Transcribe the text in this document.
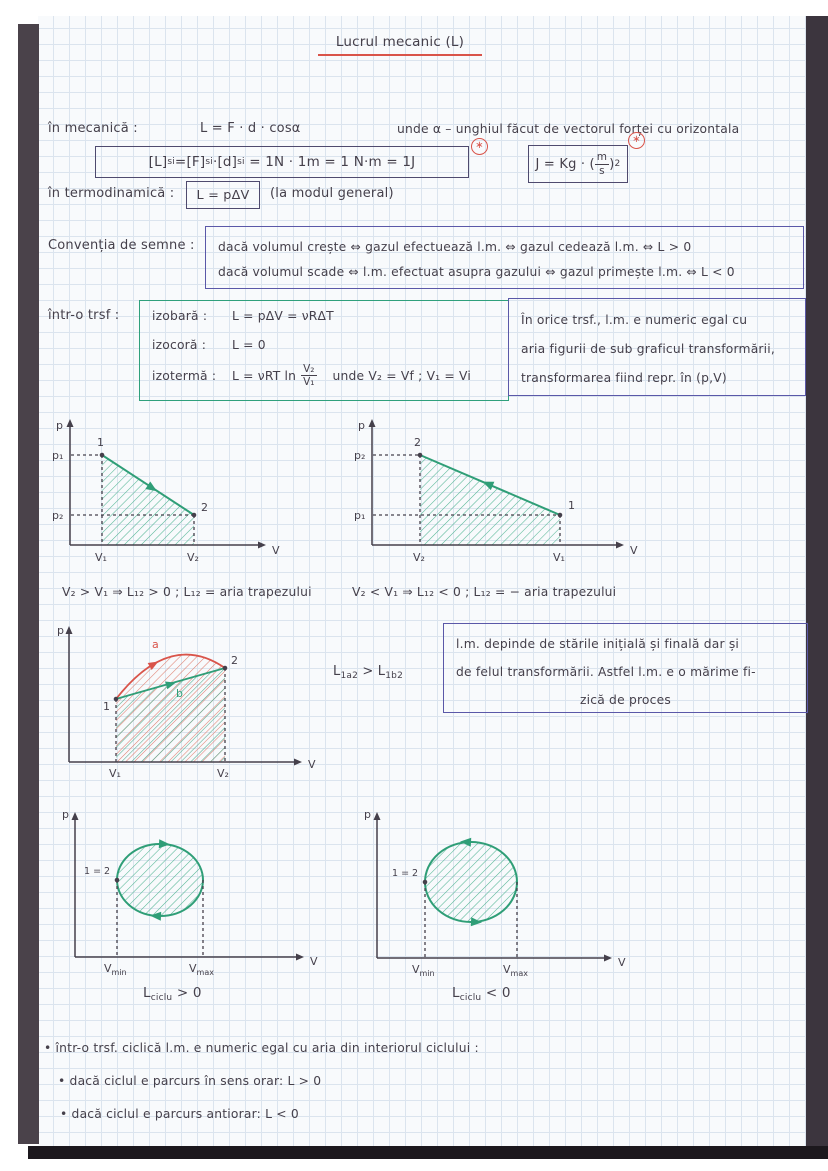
Lucrul mecanic (L)
în mecanică :	L = F · d · cosα	unde α – unghiul făcut de vectorul forței cu orizontala
[L] si = [F] si · [d] si = 1N · 1m = 1 N·m = 1J
∗
J = Kg · ( $\frac{m}{s}$ ) 2
∗
în termodinamică :	L = pΔV	(la modul general)
Convenția de semne : dacă volumul crește ⇔ gazul efectuează l.m. ⇔ gazul cedează l.m. ⇔ L > 0
dacă volumul scade ⇔ l.m. efectuat asupra gazului ⇔ gazul primește l.m. ⇔ L < 0
într-o trsf :	izobară : L = pΔV = νRΔT
izocoră : L = 0
izotermă :	L = νRT $\ln \frac{\text{V₂}}{\text{V₁}}$ unde V₂ = Vf ; V₁ = Vi
În orice trsf., l.m. e numeric egal cu
aria figurii de sub graficul transformării,
transformarea fiind repr. în (p,V)
p
V
p₁
p₂
V₁	V₂
1
2
p
V
p₂
p₁
V₂	V₁
2
1
V₂ > V₁ ⇒ L₁₂ > 0 ; L₁₂ = aria trapezului	V₂ < V₁ ⇒ L₁₂ < 0 ; L₁₂ = − aria trapezului
p
V
a
b
1
2
V₁	V₂
$L_{1a2} > L_{1b2}$
l.m. depinde de stările inițială și finală dar și
de felul transformării. Astfel l.m. e o mărime fi-
zică de proces
1 = 2
p
V
$V_{min}$	$V_{max}$
1 = 2
p
V
$V_{min}$	$V_{max}$
$L_{ciclu} > 0$	$L_{ciclu} < 0$
• într-o trsf. ciclică l.m. e numeric egal cu aria din interiorul ciclului :
• dacă ciclul e parcurs în sens orar: L > 0
• dacă ciclul e parcurs antiorar: L < 0
